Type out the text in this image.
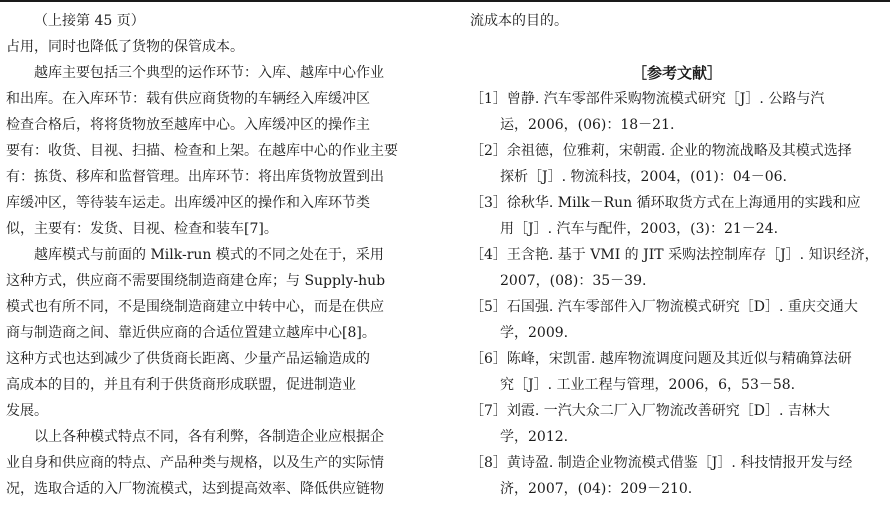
（上接第 45 页）
占用，同时也降低了货物的保管成本。
越库主要包括三个典型的运作环节：入库、越库中心作业
和出库。在入库环节：载有供应商货物的车辆经入库缓冲区
检查合格后，将将货物放至越库中心。入库缓冲区的操作主
要有：收货、目视、扫描、检查和上架。在越库中心的作业主要
有：拣货、移库和监督管理。出库环节：将出库货物放置到出
库缓冲区，等待装车运走。出库缓冲区的操作和入库环节类
似，主要有：发货、目视、检查和装车[7]。
越库模式与前面的 Milk-run 模式的不同之处在于，采用
这种方式，供应商不需要围绕制造商建仓库；与 Supply-hub
模式也有所不同，不是围绕制造商建立中转中心，而是在供应
商与制造商之间、靠近供应商的合适位置建立越库中心[8]。
这种方式也达到减少了供货商长距离、少量产品运输造成的
高成本的目的，并且有利于供货商形成联盟，促进制造业
发展。
以上各种模式特点不同，各有利弊，各制造企业应根据企
业自身和供应商的特点、产品种类与规格，以及生产的实际情
况，选取合适的入厂物流模式，达到提高效率、降低供应链物
流成本的目的。
［参考文献］
［1］曾静. 汽车零部件采购物流模式研究［J］. 公路与汽
运，2006，(06)：18－21.
［2］余祖德，位雅莉，宋朝霞. 企业的物流战略及其模式选择
探析［J］. 物流科技，2004，(01)：04－06.
［3］徐秋华. Milk－Run 循环取货方式在上海通用的实践和应
用［J］. 汽车与配件，2003，(3)：21－24.
［4］王含艳. 基于 VMI 的 JIT 采购法控制库存［J］. 知识经济，
2007，(08)：35－39.
［5］石国强. 汽车零部件入厂物流模式研究［D］. 重庆交通大
学，2009.
［6］陈峰，宋凯雷. 越库物流调度问题及其近似与精确算法研
究［J］. 工业工程与管理，2006，6，53－58.
［7］刘霞. 一汽大众二厂入厂物流改善研究［D］. 吉林大
学，2012.
［8］黄诗盈. 制造企业物流模式借鉴［J］. 科技情报开发与经
济，2007，(04)：209－210.
